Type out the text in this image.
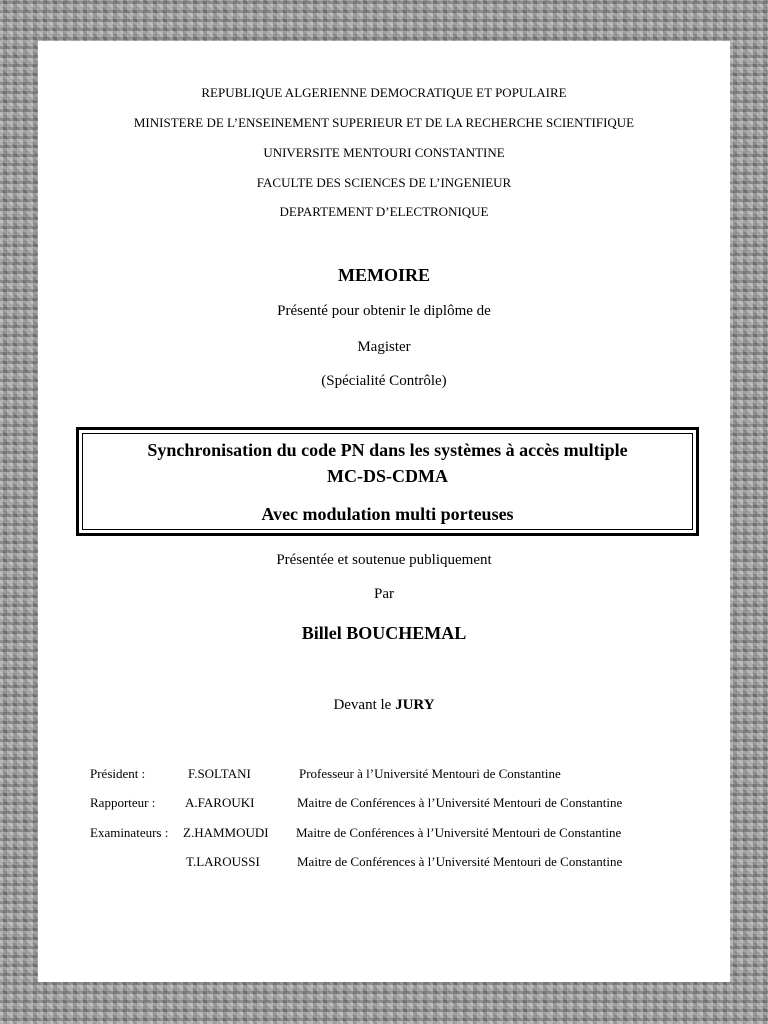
REPUBLIQUE ALGERIENNE DEMOCRATIQUE ET POPULAIRE
MINISTERE DE L’ENSEINEMENT SUPERIEUR ET DE LA RECHERCHE SCIENTIFIQUE
UNIVERSITE MENTOURI CONSTANTINE
FACULTE DES SCIENCES DE L’INGENIEUR
DEPARTEMENT D’ELECTRONIQUE
MEMOIRE
Présenté pour obtenir le diplôme de
Magister
(Spécialité Contrôle)
Synchronisation du code PN dans les systèmes à accès multiple
MC-DS-CDMA
Avec modulation multi porteuses
Présentée et soutenue publiquement
Par
Billel BOUCHEMAL
Devant le JURY
Président :	F.SOLTANI	Professeur à l’Université Mentouri de Constantine
Rapporteur : A.FAROUKI	Maitre de Conférences à l’Université Mentouri de Constantine
Examinateurs : Z.HAMMOUDI Maitre de Conférences à l’Université Mentouri de Constantine
T.LAROUSSI	Maitre de Conférences à l’Université Mentouri de Constantine
